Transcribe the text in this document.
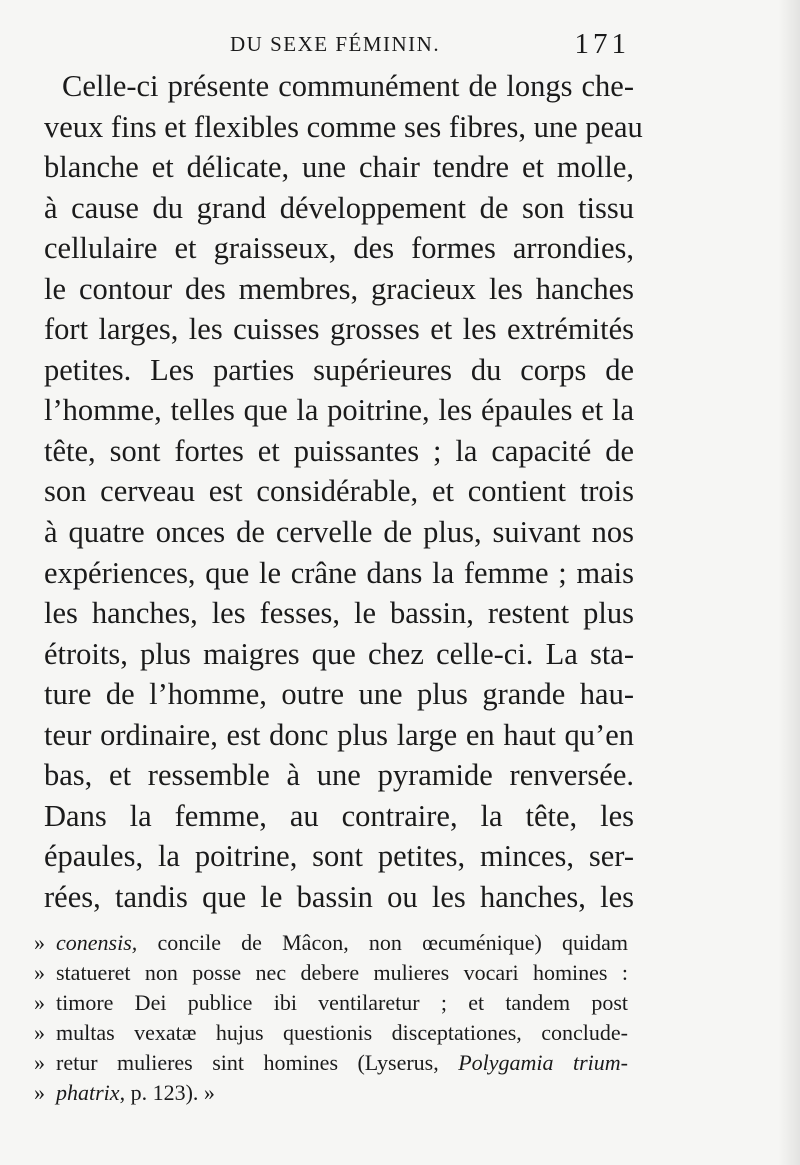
DU SEXE FÉMININ.	171
Celle-ci présente communément de longs che-
veux fins et flexibles comme ses fibres, une peau
blanche et délicate, une chair tendre et molle,
à cause du grand développement de son tissu
cellulaire et graisseux, des formes arrondies,
le contour des membres, gracieux les hanches
fort larges, les cuisses grosses et les extrémités
petites. Les parties supérieures du corps de
l’homme, telles que la poitrine, les épaules et la
tête, sont fortes et puissantes ; la capacité de
son cerveau est considérable, et contient trois
à quatre onces de cervelle de plus, suivant nos
expériences, que le crâne dans la femme ; mais
les hanches, les fesses, le bassin, restent plus
étroits, plus maigres que chez celle-ci. La sta-
ture de l’homme, outre une plus grande hau-
teur ordinaire, est donc plus large en haut qu’en
bas, et ressemble à une pyramide renversée.
Dans la femme, au contraire, la tête, les
épaules, la poitrine, sont petites, minces, ser-
rées, tandis que le bassin ou les hanches, les
» conensis, concile de Mâcon, non œcuménique) quidam
» statueret non posse nec debere mulieres vocari homines :
» timore Dei publice ibi ventilaretur ; et tandem post
» multas vexatæ hujus questionis disceptationes, conclude-
» retur mulieres sint homines (Lyserus, Polygamia trium-
» phatrix, p. 123). »
